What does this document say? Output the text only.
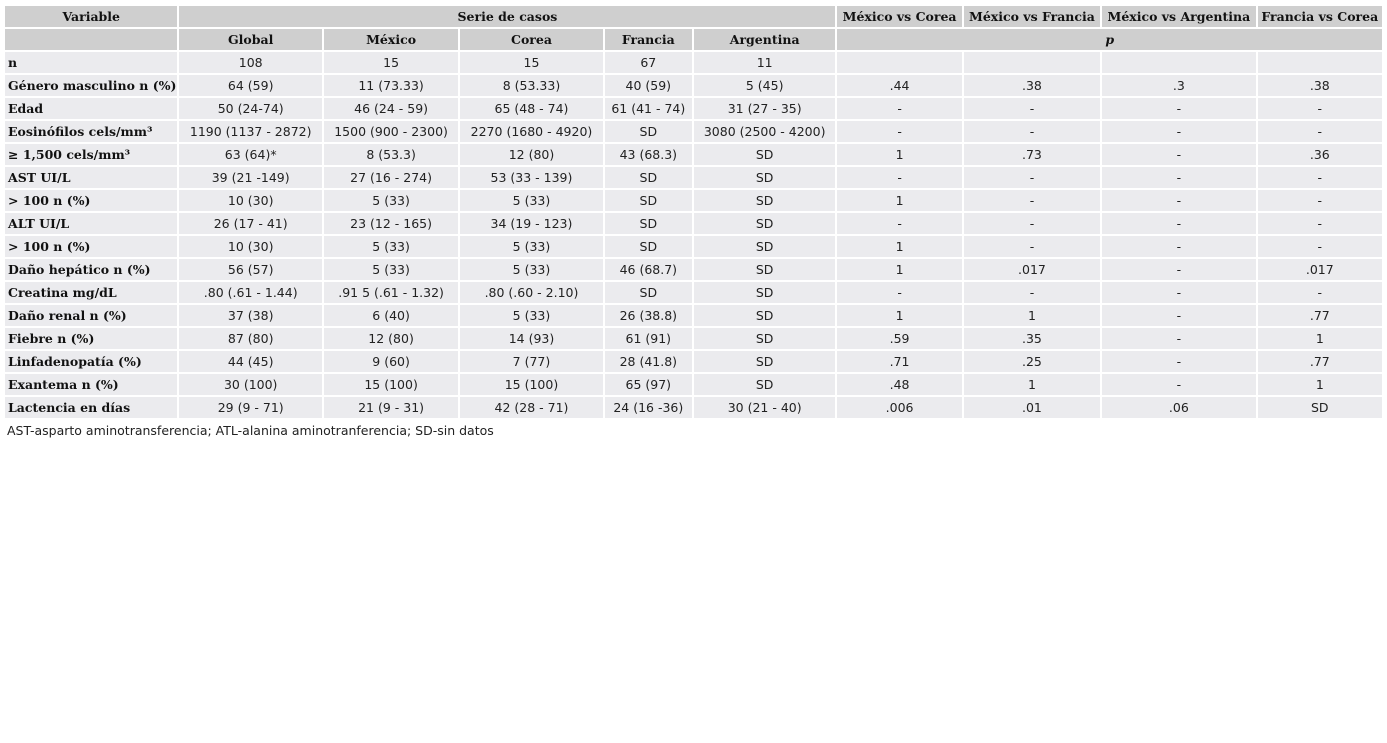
Variable	Serie de casos					México vs Corea	México vs Francia	México vs Argentina	Francia vs Corea
	Global	México	Corea	Francia	Argentina	p			
n	108	15	15	67	11				
Género masculino n (%)	64 (59)	11 (73.33)	8 (53.33)	40 (59)	5 (45)	.44	.38	.3	.38
Edad	50 (24-74)	46 (24 - 59)	65 (48 - 74)	61 (41 - 74)	31 (27 - 35)	-	-	-	-
Eosinófilos cels/mm³	1190 (1137 - 2872)	1500 (900 - 2300)	2270 (1680 - 4920)	SD	3080 (2500 - 4200)	-	-	-	-
≥ 1,500 cels/mm³	63 (64)*	8 (53.3)	12 (80)	43 (68.3)	SD	1	.73	-	.36
AST UI/L	39 (21 -149)	27 (16 - 274)	53 (33 - 139)	SD	SD	-	-	-	-
> 100 n (%)	10 (30)	5 (33)	5 (33)	SD	SD	1	-	-	-
ALT UI/L	26 (17 - 41)	23 (12 - 165)	34 (19 - 123)	SD	SD	-	-	-	-
> 100 n (%)	10 (30)	5 (33)	5 (33)	SD	SD	1	-	-	-
Daño hepático n (%)	56 (57)	5 (33)	5 (33)	46 (68.7)	SD	1	.017	-	.017
Creatina mg/dL	.80 (.61 - 1.44)	.91 5 (.61 - 1.32)	.80 (.60 - 2.10)	SD	SD	-	-	-	-
Daño renal n (%)	37 (38)	6 (40)	5 (33)	26 (38.8)	SD	1	1	-	.77
Fiebre n (%)	87 (80)	12 (80)	14 (93)	61 (91)	SD	.59	.35	-	1
Linfadenopatía (%)	44 (45)	9 (60)	7 (77)	28 (41.8)	SD	.71	.25	-	.77
Exantema n (%)	30 (100)	15 (100)	15 (100)	65 (97)	SD	.48	1	-	1
Lactencia en días	29 (9 - 71)	21 (9 - 31)	42 (28 - 71)	24 (16 -36)	30 (21 - 40)	.006	.01	.06	SD
AST-asparto aminotransferencia; ATL-alanina aminotranferencia; SD-sin datos
